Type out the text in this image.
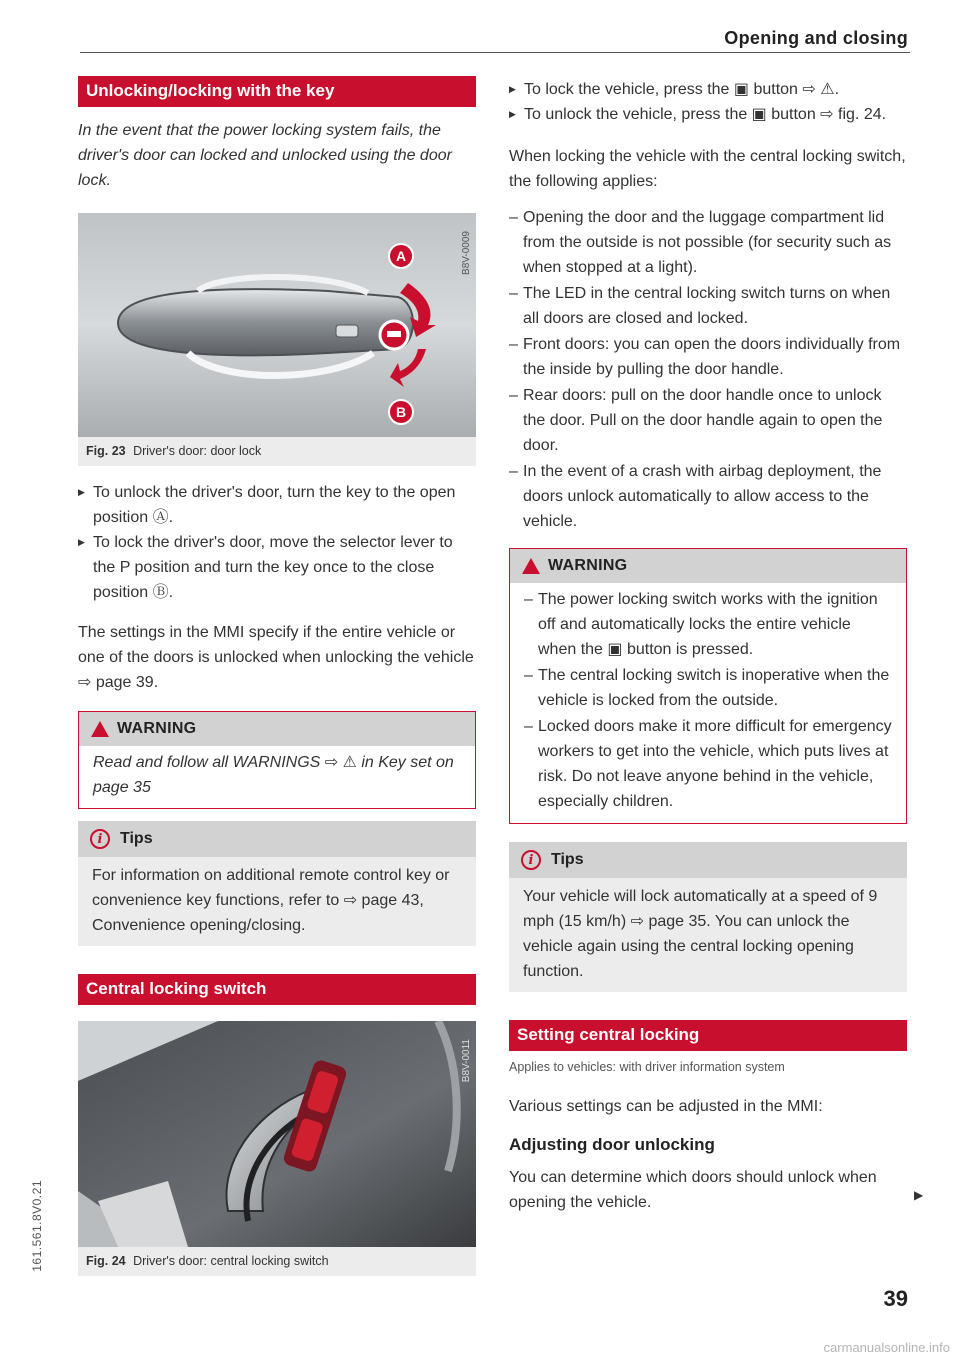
Opening and closing
Unlocking/locking with the key

In the event that the power locking system fails, the driver's door can locked and unlocked using the door lock.

B8V-0009
A
B
Fig. 23 Driver's door: door lock
▶ To unlock the driver's door, turn the key to the open position Ⓐ.
▶ To lock the driver's door, move the selector lever to the P position and turn the key once to the close position Ⓑ.

The settings in the MMI specify if the entire vehicle or one of the doors is unlocked when unlocking the vehicle ⇨ page 39.

WARNING

Read and follow all WARNINGS ⇨ ⚠ in Key set on page 35

i	Tips

For information on additional remote control key or convenience key functions, refer to ⇨ page 43, Convenience opening/closing.

Central locking switch
B8V-0011
Fig. 24 Driver's door: central locking switch
▶ To lock the vehicle, press the ▣ button ⇨ ⚠.
▶ To unlock the vehicle, press the ▣ button ⇨ fig. 24.

When locking the vehicle with the central locking switch, the following applies:

– Opening the door and the luggage compartment lid from the outside is not possible (for security such as when stopped at a light).
– The LED in the central locking switch turns on when all doors are closed and locked.
– Front doors: you can open the doors individually from the inside by pulling the door handle.
– Rear doors: pull on the door handle once to unlock the door. Pull on the door handle again to open the door.
– In the event of a crash with airbag deployment, the doors unlock automatically to allow access to the vehicle.
WARNING
– The power locking switch works with the ignition off and automatically locks the entire vehicle when the ▣ button is pressed.
– The central locking switch is inoperative when the vehicle is locked from the outside.
– Locked doors make it more difficult for emergency workers to get into the vehicle, which puts lives at risk. Do not leave anyone behind in the vehicle, especially children.
i	Tips

Your vehicle will lock automatically at a speed of 9 mph (15 km/h) ⇨ page 35. You can unlock the vehicle again using the central locking opening function.

Setting central locking

Applies to vehicles: with driver information system

Various settings can be adjusted in the MMI:

Adjusting door unlocking

You can determine which doors should unlock when opening the vehicle.	▶
161.561.8V0.21
39
carmanualsonline.info
